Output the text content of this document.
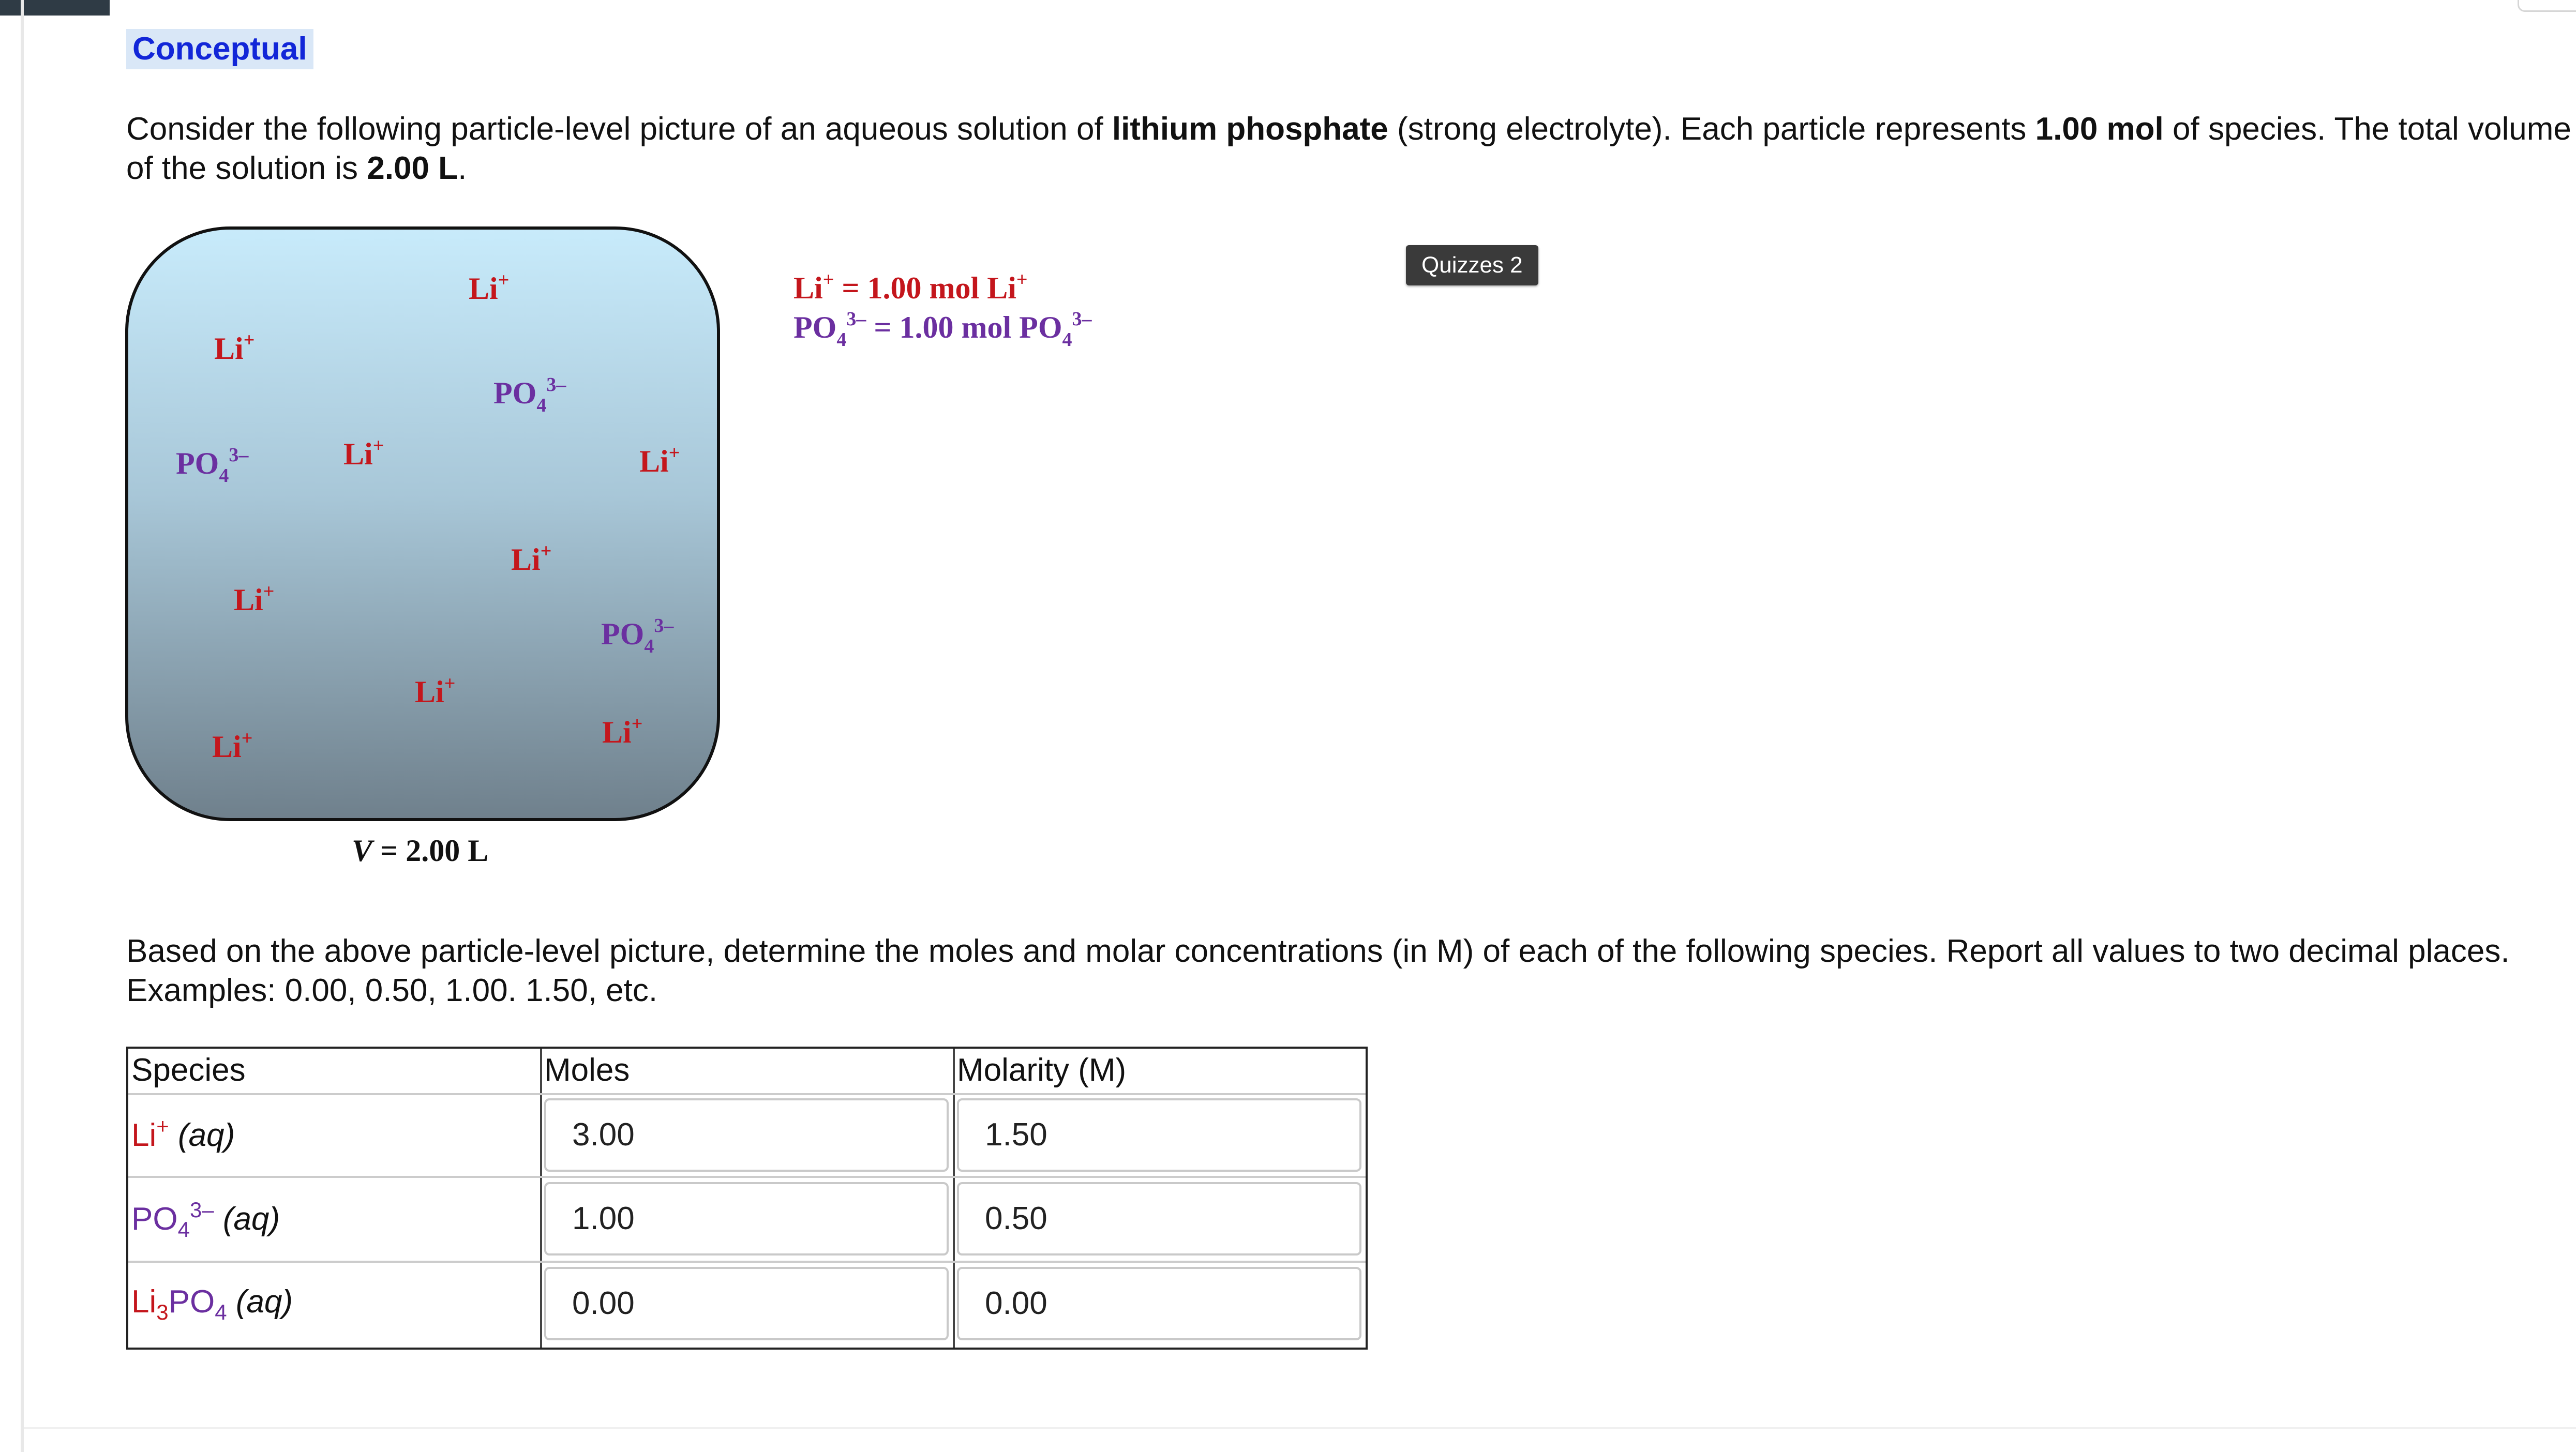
Conceptual
Consider the following particle-level picture of an aqueous solution of lithium phosphate (strong electrolyte). Each particle represents 1.00 mol of species. The total volume
of the solution is 2.00 L.
Li+
Li+
$PO_4^{3-}$
$PO_4^{3-}$	Li+	Li+
Li+
Li+
$PO_4^{3-}$
Li+
Li+
Li+
Li+ = 1.00 mol Li+
$PO_4^{3-} = 1.00$ mol $PO_4^{3-}$
V = 2.00 L
Quizzes 2
Based on the above particle-level picture, determine the moles and molar concentrations (in M) of each of the following species. Report all values to two decimal places.
Examples: 0.00, 0.50, 1.00. 1.50, etc.
Species	Moles	Molarity (M)
Li+ (aq)	3.00	1.50
$PO_4^{3-}$ (aq)	1.00	0.50
$Li_3PO_4$ (aq)	0.00	0.00
